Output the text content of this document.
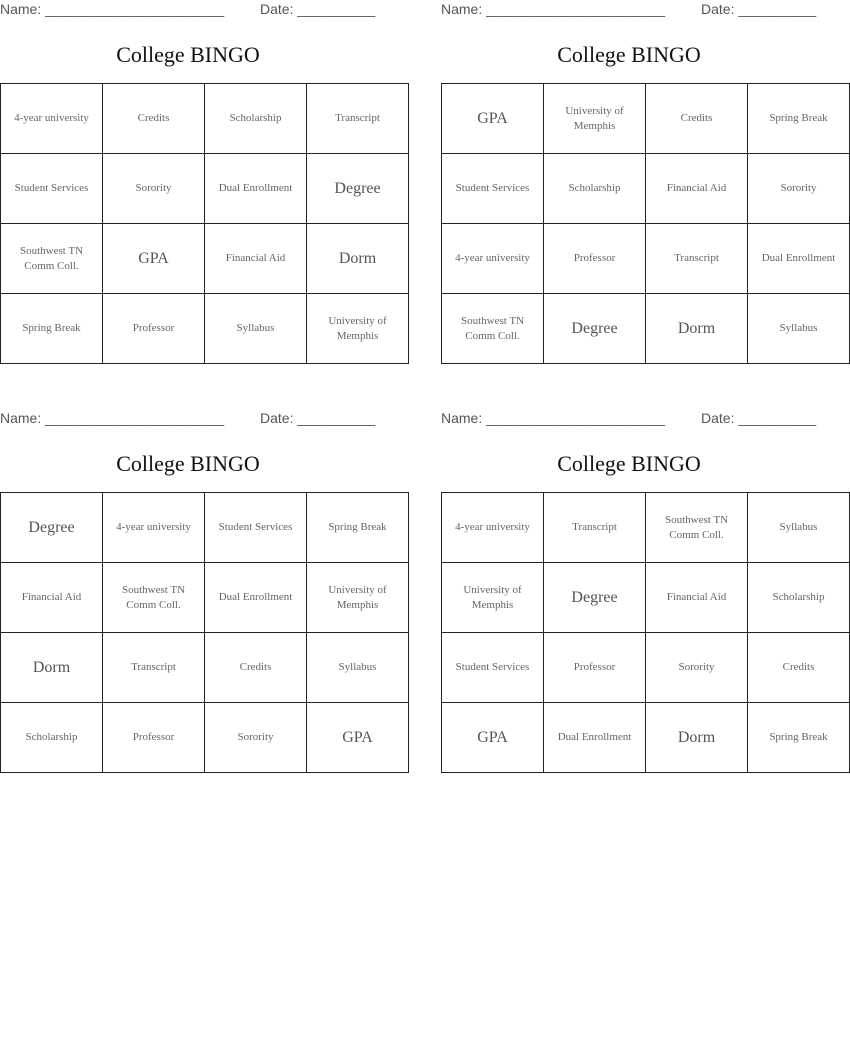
Name: _______________________	Date: __________
College BINGO
4-year university	Credits	Scholarship	Transcript
Student Services	Sorority	Dual Enrollment	Degree
Southwest TN Comm Coll.	GPA	Financial Aid	Dorm
Spring Break	Professor	Syllabus	University of Memphis
Name: _______________________	Date: __________
College BINGO
GPA	University of Memphis	Credits	Spring Break
Student Services	Scholarship	Financial Aid	Sorority
4-year university	Professor	Transcript	Dual Enrollment
Southwest TN Comm Coll.	Degree	Dorm	Syllabus
Name: _______________________	Date: __________
College BINGO
Degree	4-year university	Student Services	Spring Break
Financial Aid	Southwest TN Comm Coll.	Dual Enrollment	University of Memphis
Dorm	Transcript	Credits	Syllabus
Scholarship	Professor	Sorority	GPA
Name: _______________________	Date: __________
College BINGO
4-year university	Transcript	Southwest TN Comm Coll.	Syllabus
University of Memphis	Degree	Financial Aid	Scholarship
Student Services	Professor	Sorority	Credits
GPA	Dual Enrollment	Dorm	Spring Break
